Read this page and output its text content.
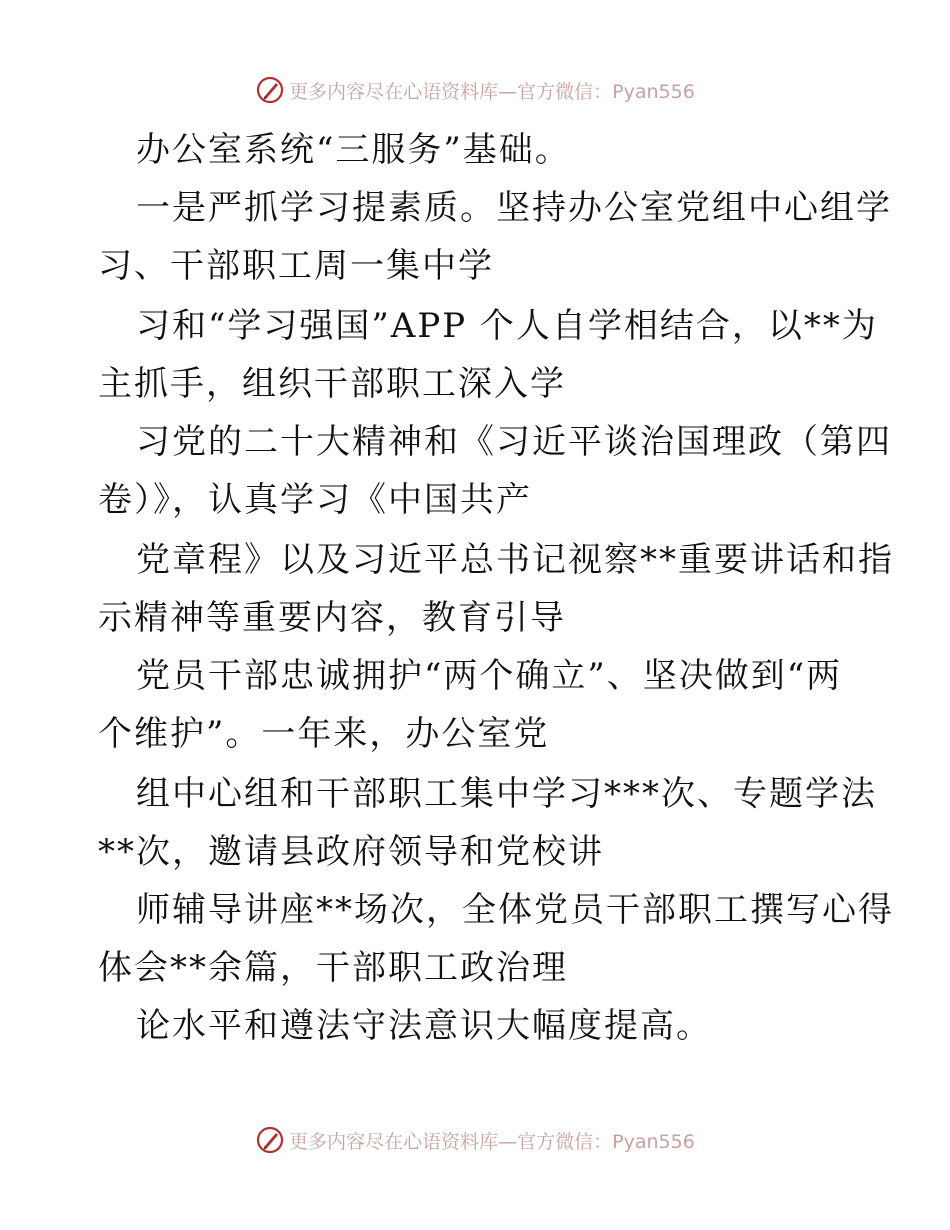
更多内容尽在心语资料库—官方微信：Pyan556
办公室系统“三服务”基础。
一是严抓学习提素质。坚持办公室党组中心组学
习、干部职工周一集中学
习和“学习强国”APP 个人自学相结合，以**为
主抓手，组织干部职工深入学
习党的二十大精神和《习近平谈治国理政（第四
卷）》，认真学习《中国共产
党章程》以及习近平总书记视察**重要讲话和指
示精神等重要内容，教育引导
党员干部忠诚拥护“两个确立”、坚决做到“两
个维护”。一年来，办公室党
组中心组和干部职工集中学习***次、专题学法
**次，邀请县政府领导和党校讲
师辅导讲座**场次，全体党员干部职工撰写心得
体会**余篇，干部职工政治理
论水平和遵法守法意识大幅度提高。
更多内容尽在心语资料库—官方微信：Pyan556
